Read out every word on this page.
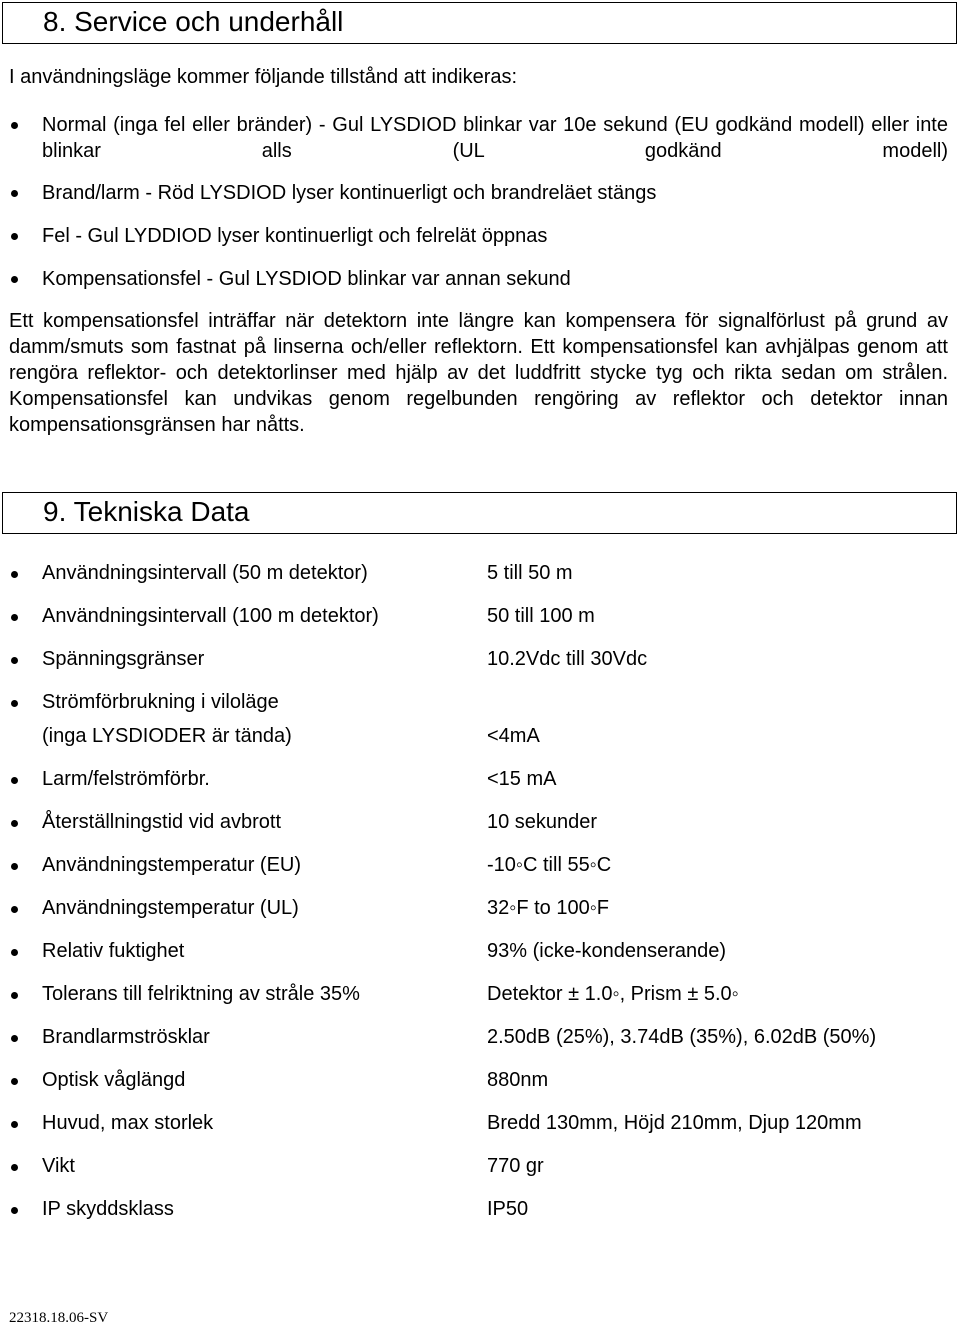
8. Service och underhåll
I användningsläge kommer följande tillstånd att indikeras:
Normal (inga fel eller bränder) - Gul LYSDIOD blinkar var 10e sekund (EU godkänd modell) eller inte blinkar alls (UL godkänd modell)
Brand/larm - Röd LYSDIOD lyser kontinuerligt och brandreläet stängs
Fel - Gul LYDDIOD lyser kontinuerligt och felrelät öppnas
Kompensationsfel - Gul LYSDIOD blinkar var annan sekund
Ett kompensationsfel inträffar när detektorn inte längre kan kompensera för signalförlust på grund av damm/smuts som fastnat på linserna och/eller reflektorn. Ett kompensationsfel kan avhjälpas genom att rengöra reflektor- och detektorlinser med hjälp av det luddfritt stycke tyg och rikta sedan om strålen. Kompensationsfel kan undvikas genom regelbunden rengöring av reflektor och detektor innan kompensationsgränsen har nåtts.
9. Tekniska Data
Användningsintervall (50 m detektor)	5 till 50 m
Användningsintervall (100 m detektor)	50 till 100 m
Spänningsgränser	10.2Vdc till 30Vdc
Strömförbrukning i viloläge
(inga LYSDIODER är tända)	<4mA
Larm/felströmförbr.	<15 mA
Återställningstid vid avbrott	10 sekunder
Användningstemperatur (EU)	-10◦C till 55◦C
Användningstemperatur (UL)	32◦F to 100◦F
Relativ fuktighet	93% (icke-kondenserande)
Tolerans till felriktning av stråle 35%	Detektor ± 1.0◦, Prism ± 5.0◦
Brandlarmströsklar	2.50dB (25%), 3.74dB (35%), 6.02dB (50%)
Optisk våglängd	880nm
Huvud, max storlek	Bredd 130mm, Höjd 210mm, Djup 120mm
Vikt	770 gr
IP skyddsklass	IP50
22318.18.06-SV
